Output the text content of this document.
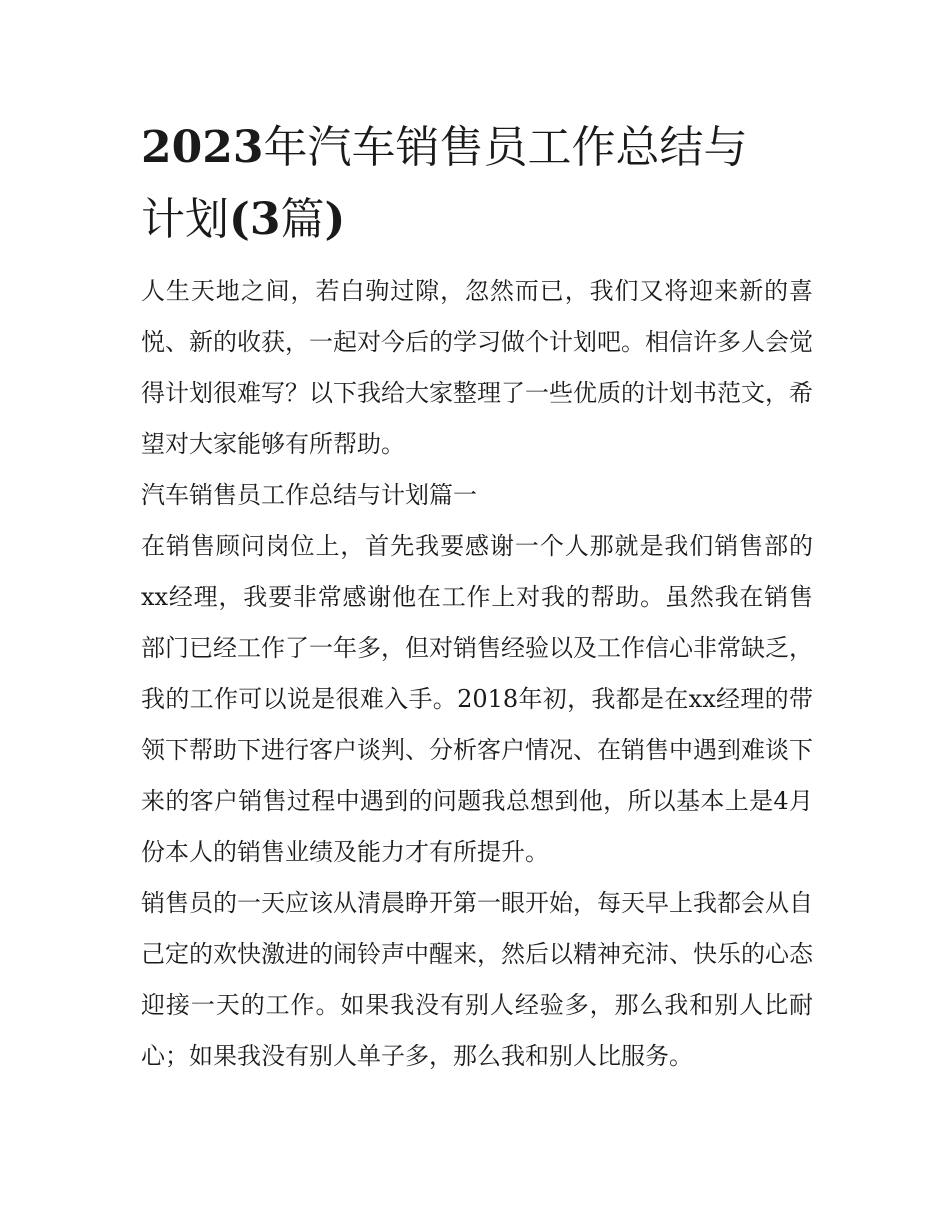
2023年汽车销售员工作总结与
计划(3篇)

人生天地之间，若白驹过隙，忽然而已，我们又将迎来新的喜悦、新的收获，一起对今后的学习做个计划吧。相信许多人会觉得计划很难写？以下我给大家整理了一些优质的计划书范文，希望对大家能够有所帮助。

汽车销售员工作总结与计划篇一

在销售顾问岗位上，首先我要感谢一个人那就是我们销售部的xx经理，我要非常感谢他在工作上对我的帮助。虽然我在销售部门已经工作了一年多，但对销售经验以及工作信心非常缺乏，我的工作可以说是很难入手。2018年初，我都是在xx经理的带领下帮助下进行客户谈判、分析客户情况、在销售中遇到难谈下来的客户销售过程中遇到的问题我总想到他，所以基本上是4月份本人的销售业绩及能力才有所提升。

销售员的一天应该从清晨睁开第一眼开始，每天早上我都会从自己定的欢快激进的闹铃声中醒来，然后以精神充沛、快乐的心态迎接一天的工作。如果我没有别人经验多，那么我和别人比耐心；如果我没有别人单子多，那么我和别人比服务。
